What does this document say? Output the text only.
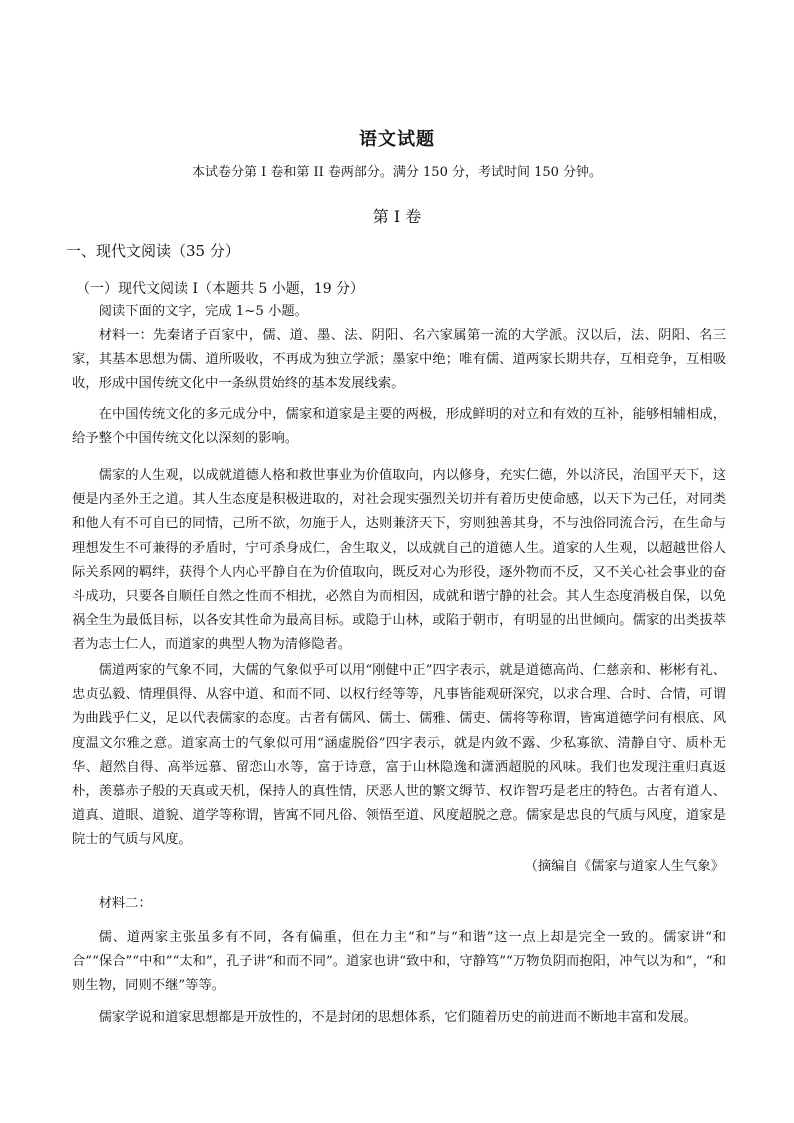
语文试题
本试卷分第 I 卷和第 II 卷两部分。满分 150 分，考试时间 150 分钟。
第 I 卷
一、现代文阅读（35 分）
（一）现代文阅读 I（本题共 5 小题，19 分）

阅读下面的文字，完成 1~5 小题。

材料一：先秦诸子百家中，儒、道、墨、法、阴阳、名六家属第一流的大学派。汉以后，法、阴阳、名三家，其基本思想为儒、道所吸收，不再成为独立学派；墨家中绝；唯有儒、道两家长期共存，互相竞争，互相吸收，形成中国传统文化中一条纵贯始终的基本发展线索。

在中国传统文化的多元成分中，儒家和道家是主要的两极，形成鲜明的对立和有效的互补，能够相辅相成，给予整个中国传统文化以深刻的影响。

儒家的人生观，以成就道德人格和救世事业为价值取向，内以修身，充实仁德，外以济民，治国平天下，这便是内圣外王之道。其人生态度是积极进取的，对社会现实强烈关切并有着历史使命感，以天下为己任，对同类和他人有不可自已的同情，己所不欲，勿施于人，达则兼济天下，穷则独善其身，不与浊俗同流合污，在生命与理想发生不可兼得的矛盾时，宁可杀身成仁，舍生取义，以成就自己的道德人生。道家的人生观，以超越世俗人际关系网的羁绊，获得个人内心平静自在为价值取向，既反对心为形役，逐外物而不反，又不关心社会事业的奋斗成功，只要各自顺任自然之性而不相扰，必然自为而相因，成就和谐宁静的社会。其人生态度消极自保，以免祸全生为最低目标，以各安其性命为最高目标。或隐于山林，或陷于朝市，有明显的出世倾向。儒家的出类拔萃者为志士仁人，而道家的典型人物为清修隐者。

儒道两家的气象不同，大儒的气象似乎可以用“刚健中正”四字表示，就是道德高尚、仁慈亲和、彬彬有礼、忠贞弘毅、情理俱得、从容中道、和而不同、以权行经等等，凡事皆能观研深究，以求合理、合时、合情，可谓为曲践乎仁义，足以代表儒家的态度。古者有儒风、儒士、儒雅、儒吏、儒将等称谓，皆寓道德学问有根底、风度温文尔雅之意。道家高士的气象似可用“涵虚脱俗”四字表示，就是内敛不露、少私寡欲、清静自守、质朴无华、超然自得、高举远慕、留恋山水等，富于诗意，富于山林隐逸和潇洒超脱的风味。我们也发现注重归真返朴，羡慕赤子般的天真或天机，保持人的真性情，厌恶人世的繁文缛节、权诈智巧是老庄的特色。古者有道人、道真、道眼、道貌、道学等称谓，皆寓不同凡俗、领悟至道、风度超脱之意。儒家是忠良的气质与风度，道家是院士的气质与风度。

（摘编自《儒家与道家人生气象》

材料二：

儒、道两家主张虽多有不同，各有偏重，但在力主“和”与“和谐”这一点上却是完全一致的。儒家讲“和合”“保合”“中和”“太和”，孔子讲“和而不同”。道家也讲“致中和，守静笃”“万物负阴而抱阳，冲气以为和”，“和则生物，同则不继”等等。

儒家学说和道家思想都是开放性的，不是封闭的思想体系，它们随着历史的前进而不断地丰富和发展。
